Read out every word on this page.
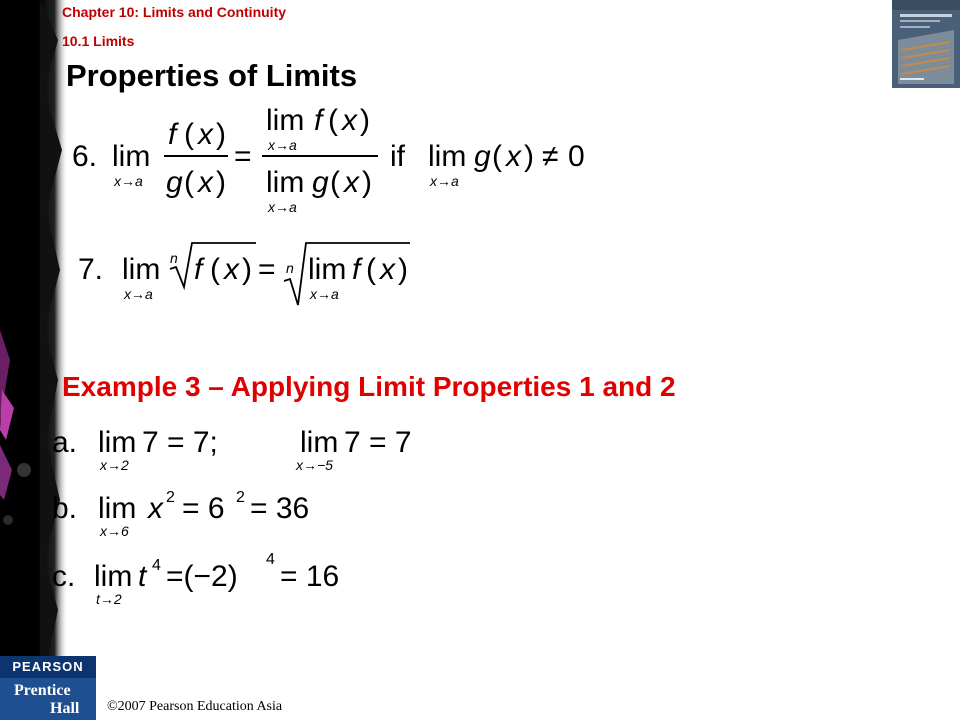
Chapter 10: Limits and Continuity
10.1 Limits
Properties of Limits
6. lim
x→a
f ( x )
g ( x )
=
lim f ( x )
x→a
lim g ( x )
x→a
if lim
x→a
g ( x ) ≠ 0
7. lim
x→a
n f ( x ) = n lim
x→a
f ( x )
Example 3 – Applying Limit Properties 1 and 2
a. lim
x→2
7 = 7;	lim
x→−5
7 = 7
b. lim
x→6
x 2 = 6 2 = 36
c. lim
t→2
t 4 =(−2)
4
= 16
PEARSON
Prentice
Hall ©2007 Pearson Education Asia
